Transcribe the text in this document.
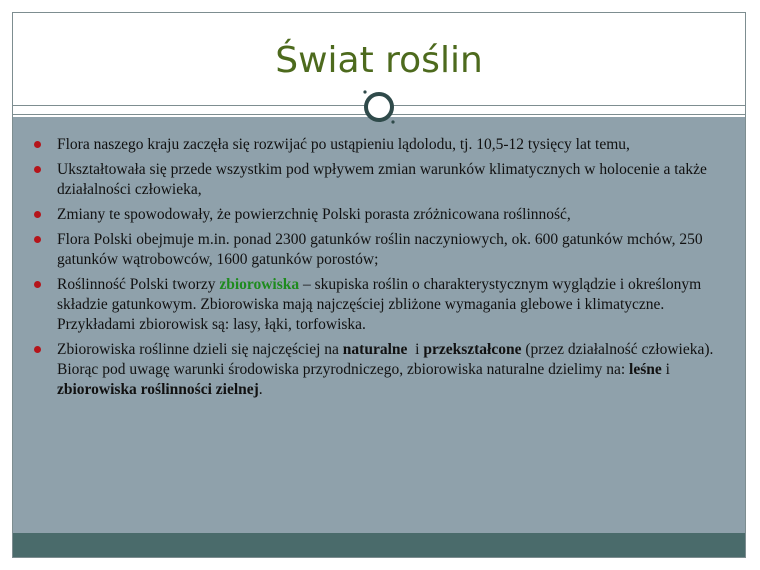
Świat roślin
Flora naszego kraju zaczęła się rozwijać po ustąpieniu lądolodu, tj. 10,5-12 tysięcy lat temu,
Ukształtowała się przede wszystkim pod wpływem zmian warunków klimatycznych w holocenie a także działalności człowieka,
Zmiany te spowodowały, że powierzchnię Polski porasta zróżnicowana roślinność,
Flora Polski obejmuje m.in. ponad 2300 gatunków roślin naczyniowych, ok. 600 gatunków mchów, 250 gatunków wątrobowców, 1600 gatunków porostów;
Roślinność Polski tworzy zbiorowiska – skupiska roślin o charakterystycznym wyglądzie i określonym składzie gatunkowym. Zbiorowiska mają najczęściej zbliżone wymagania glebowe i klimatyczne. Przykładami zbiorowisk są: lasy, łąki, torfowiska.
Zbiorowiska roślinne dzieli się najczęściej na naturalne  i przekształcone (przez działalność człowieka). Biorąc pod uwagę warunki środowiska przyrodniczego, zbiorowiska naturalne dzielimy na: leśne i zbiorowiska roślinności zielnej.
